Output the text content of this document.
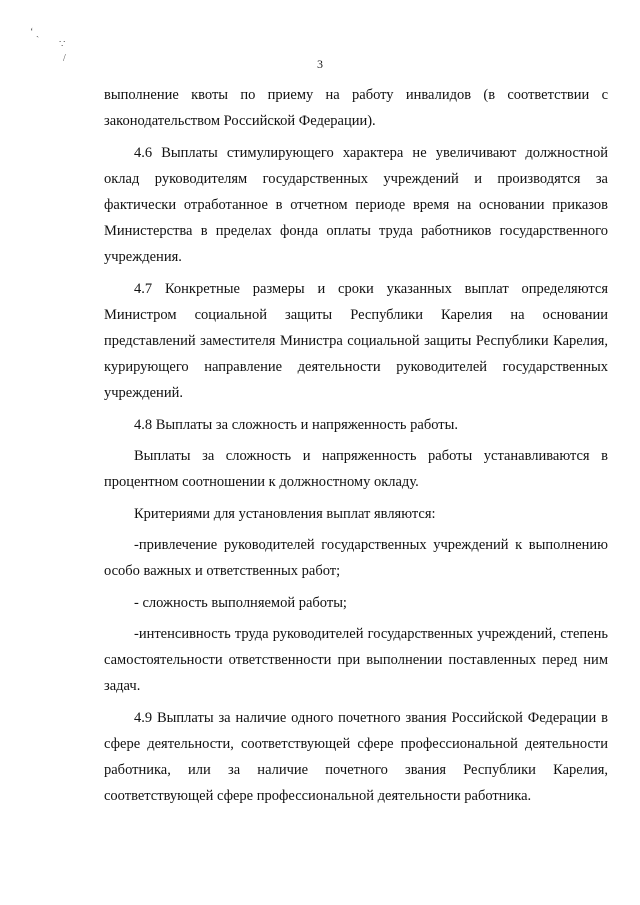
‘ ˏ
∵
/	3

выполнение квоты по приему на работу инвалидов (в соответствии с законодательством Российской Федерации).

4.6 Выплаты стимулирующего характера не увеличивают должностной оклад руководителям государственных учреждений и производятся за фактически отработанное в отчетном периоде время на основании приказов Министерства в пределах фонда оплаты труда работников государственного учреждения.

4.7 Конкретные размеры и сроки указанных выплат определяются Министром социальной защиты Республики Карелия на основании представлений заместителя Министра социальной защиты Республики Карелия, курирующего направление деятельности руководителей государственных учреждений.

4.8 Выплаты за сложность и напряженность работы.

Выплаты за сложность и напряженность работы устанавливаются в процентном соотношении к должностному окладу.

Критериями для установления выплат являются:

-привлечение руководителей государственных учреждений к выполнению особо важных и ответственных работ;

- сложность выполняемой работы;

-интенсивность труда руководителей государственных учреждений, степень самостоятельности ответственности при выполнении поставленных перед ним задач.

4.9 Выплаты за наличие одного почетного звания Российской Федерации в сфере деятельности, соответствующей сфере профессиональной деятельности работника, или за наличие почетного звания Республики Карелия, соответствующей сфере профессиональной деятельности работника.
